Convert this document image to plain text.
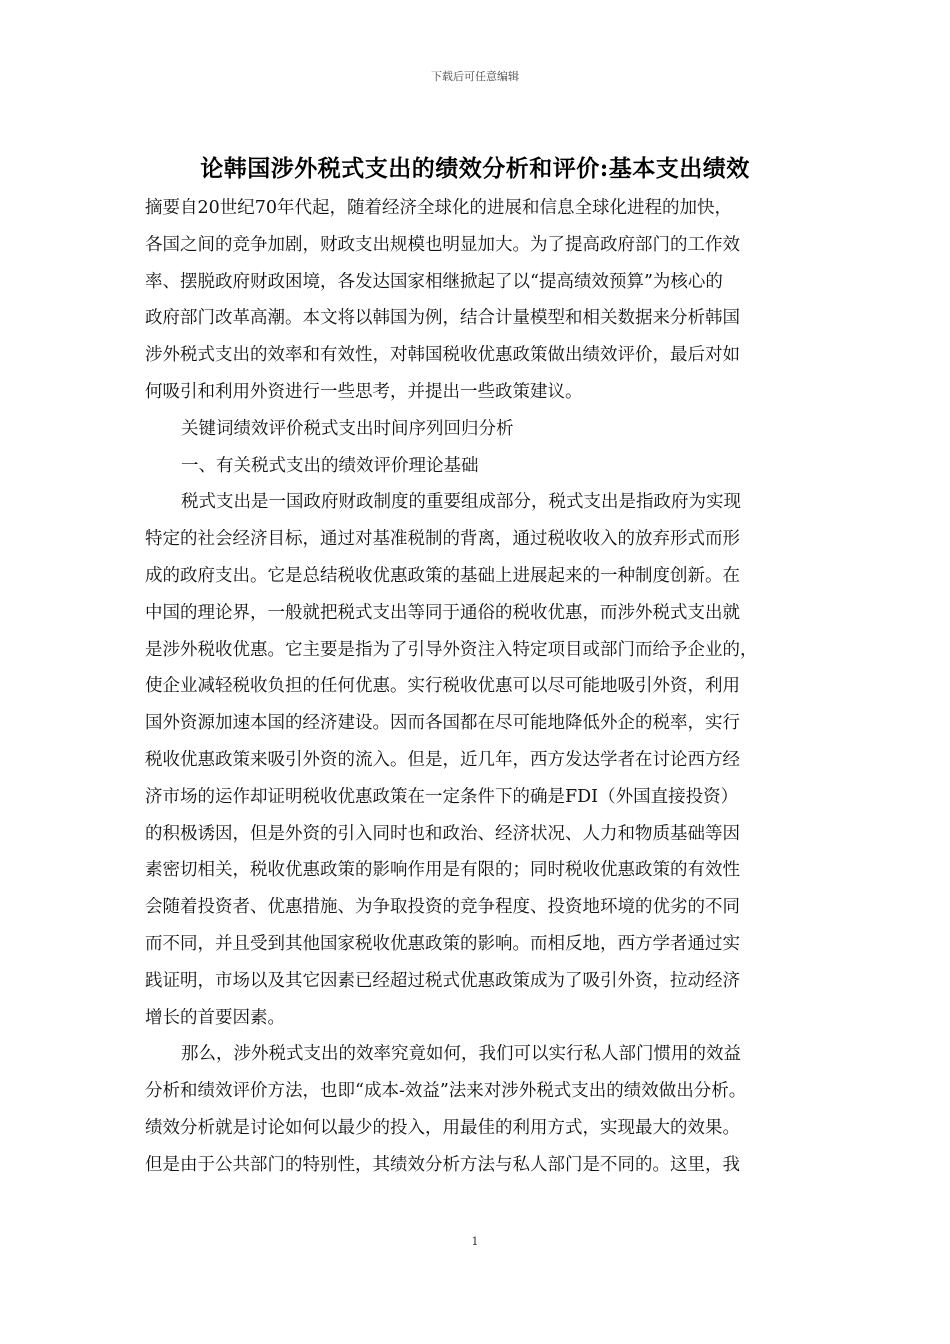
下载后可任意编辑
论韩国涉外税式支出的绩效分析和评价:基本支出绩效
摘要自20世纪70年代起，随着经济全球化的进展和信息全球化进程的加快，
各国之间的竞争加剧，财政支出规模也明显加大。为了提高政府部门的工作效
率、摆脱政府财政困境，各发达国家相继掀起了以“提高绩效预算”为核心的
政府部门改革高潮。本文将以韩国为例，结合计量模型和相关数据来分析韩国
涉外税式支出的效率和有效性，对韩国税收优惠政策做出绩效评价，最后对如
何吸引和利用外资进行一些思考，并提出一些政策建议。
关键词绩效评价税式支出时间序列回归分析
一、有关税式支出的绩效评价理论基础
税式支出是一国政府财政制度的重要组成部分，税式支出是指政府为实现
特定的社会经济目标，通过对基准税制的背离，通过税收收入的放弃形式而形
成的政府支出。它是总结税收优惠政策的基础上进展起来的一种制度创新。在
中国的理论界，一般就把税式支出等同于通俗的税收优惠，而涉外税式支出就
是涉外税收优惠。它主要是指为了引导外资注入特定项目或部门而给予企业的，
使企业减轻税收负担的任何优惠。实行税收优惠可以尽可能地吸引外资，利用
国外资源加速本国的经济建设。因而各国都在尽可能地降低外企的税率，实行
税收优惠政策来吸引外资的流入。但是，近几年，西方发达学者在讨论西方经
济市场的运作却证明税收优惠政策在一定条件下的确是FDI（外国直接投资）
的积极诱因，但是外资的引入同时也和政治、经济状况、人力和物质基础等因
素密切相关，税收优惠政策的影响作用是有限的；同时税收优惠政策的有效性
会随着投资者、优惠措施、为争取投资的竞争程度、投资地环境的优劣的不同
而不同，并且受到其他国家税收优惠政策的影响。而相反地，西方学者通过实
践证明，市场以及其它因素已经超过税式优惠政策成为了吸引外资，拉动经济
增长的首要因素。
那么，涉外税式支出的效率究竟如何，我们可以实行私人部门惯用的效益
分析和绩效评价方法，也即“成本-效益”法来对涉外税式支出的绩效做出分析。
绩效分析就是讨论如何以最少的投入，用最佳的利用方式，实现最大的效果。
但是由于公共部门的特别性，其绩效分析方法与私人部门是不同的。这里，我
1
